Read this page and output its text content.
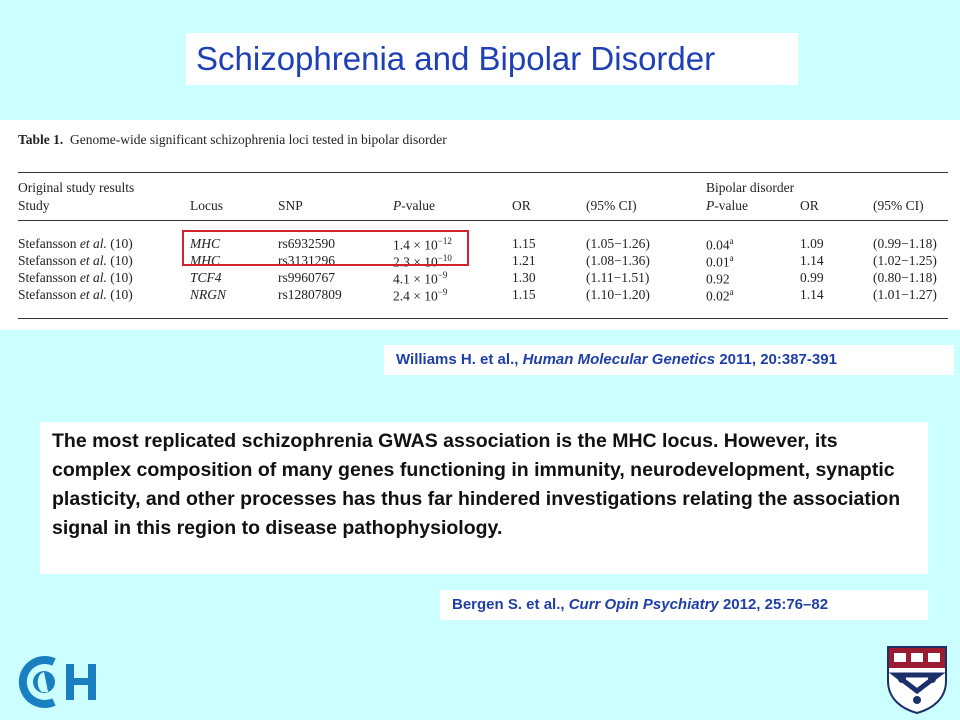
Schizophrenia and Bipolar Disorder
Table 1. Genome-wide significant schizophrenia loci tested in bipolar disorder
Original study results	Bipolar disorder
Study	Locus	SNP	P-value	OR	(95% CI)	P-value	OR	(95% CI)
Stefansson et al. (10)	MHC	rs6932590	$1.4 \times 10^{-12}$	1.15	(1.05−1.26)	0.04$^a$	1.09	(0.99−1.18)
Stefansson et al. (10)	MHC	rs3131296	$2.3 \times 10^{-10}$	1.21	(1.08−1.36)	0.01$^a$	1.14	(1.02−1.25)
Stefansson et al. (10)	TCF4	rs9960767	$4.1 \times 10^{-9}$	1.30	(1.11−1.51)	0.92	0.99	(0.80−1.18)
Stefansson et al. (10)	NRGN	rs12807809	$2.4 \times 10^{-9}$	1.15	(1.10−1.20)	0.02$^a$	1.14	(1.01−1.27)
Williams H. et al., Human Molecular Genetics 2011, 20:387-391

The most replicated schizophrenia GWAS association is the MHC locus. However, its complex composition of many genes functioning in immunity, neurodevelopment, synaptic plasticity, and other processes has thus far hindered investigations relating the association signal in this region to disease pathophysiology.

Bergen S. et al., Curr Opin Psychiatry 2012, 25:76–82
